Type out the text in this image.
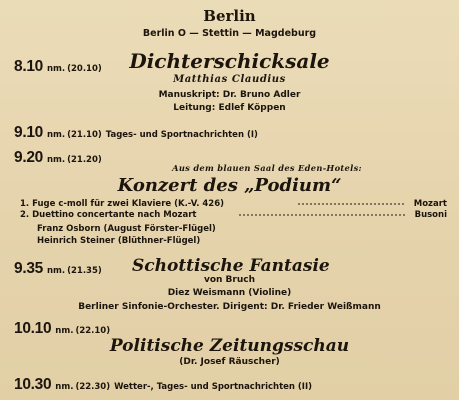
Berlin
Berlin O — Stettin — Magdeburg
8.10 nm. (20.10)	Dichterschicksale
Matthias Claudius
Manuskript: Dr. Bruno Adler
Leitung: Edlef Köppen
9.10 nm. (21.10) Tages- und Sportnachrichten (I)
9.20 nm. (21.20)
Aus dem blauen Saal des Eden-Hotels:
Konzert des „Podium“
1. Fuge c-moll für zwei Klaviere (K.-V. 426)	Mozart
2. Duettino concertante nach Mozart	Busoni
Franz Osborn (August Förster-Flügel)
Heinrich Steiner (Blüthner-Flügel)
9.35 nm. (21.35) Schottische Fantasie
von Bruch
Diez Weismann (Violine)
Berliner Sinfonie-Orchester. Dirigent: Dr. Frieder Weißmann
10.10 nm. (22.10)
Politische Zeitungsschau
(Dr. Josef Räuscher)
10.30 nm. (22.30) Wetter-, Tages- und Sportnachrichten (II)
